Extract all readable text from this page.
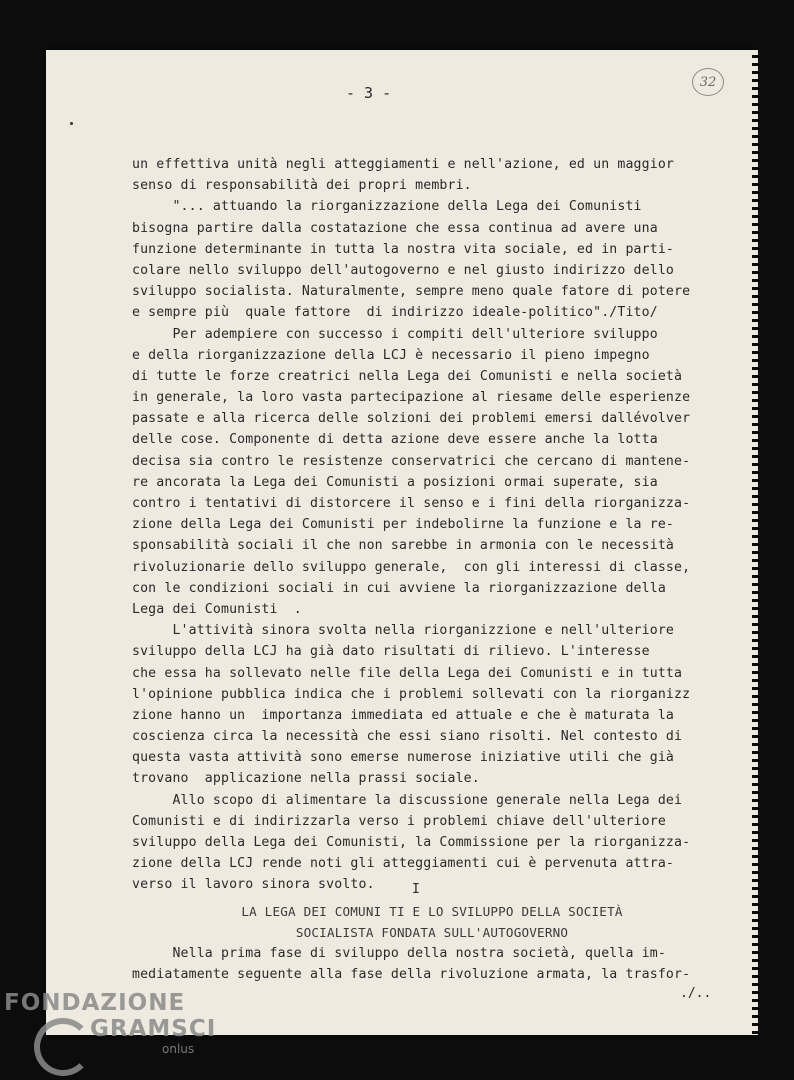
- 3 -
32
un effettiva unità negli atteggiamenti e nell'azione, ed un maggior
senso di responsabilità dei propri membri.
"... attuando la riorganizzazione della Lega dei Comunisti
bisogna partire dalla costatazione che essa continua ad avere una
funzione determinante in tutta la nostra vita sociale, ed in parti-
colare nello sviluppo dell'autogoverno e nel giusto indirizzo dello
sviluppo socialista. Naturalmente, sempre meno quale fatore di potere
e sempre più  quale fattore  di indirizzo ideale-politico"./Tito/
Per adempiere con successo i compiti dell'ulteriore sviluppo
e della riorganizzazione della LCJ è necessario il pieno impegno
di tutte le forze creatrici nella Lega dei Comunisti e nella società
in generale, la loro vasta partecipazione al riesame delle esperienze
passate e alla ricerca delle solzioni dei problemi emersi dallévolver
delle cose. Componente di detta azione deve essere anche la lotta
decisa sia contro le resistenze conservatrici che cercano di mantene-
re ancorata la Lega dei Comunisti a posizioni ormai superate, sia
contro i tentativi di distorcere il senso e i fini della riorganizza-
zione della Lega dei Comunisti per indebolirne la funzione e la re-
sponsabilità sociali il che non sarebbe in armonia con le necessità
rivoluzionarie dello sviluppo generale,  con gli interessi di classe,
con le condizioni sociali in cui avviene la riorganizzazione della
Lega dei Comunisti  .
L'attività sinora svolta nella riorganizzione e nell'ulteriore
sviluppo della LCJ ha già dato risultati di rilievo. L'interesse
che essa ha sollevato nelle file della Lega dei Comunisti e in tutta
l'opinione pubblica indica che i problemi sollevati con la riorganizz
zione hanno un  importanza immediata ed attuale e che è maturata la
coscienza circa la necessità che essi siano risolti. Nel contesto di
questa vasta attività sono emerse numerose iniziative utili che già
trovano  applicazione nella prassi sociale.
Allo scopo di alimentare la discussione generale nella Lega dei
Comunisti e di indirizzarla verso i problemi chiave dell'ulteriore
sviluppo della Lega dei Comunisti, la Commissione per la riorganizza-
zione della LCJ rende noti gli atteggiamenti cui è pervenuta attra-
verso il lavoro sinora svolto.	I
LA LEGA DEI COMUNI TI E LO SVILUPPO DELLA SOCIETÀ
SOCIALISTA FONDATA SULL'AUTOGOVERNO
Nella prima fase di sviluppo della nostra società, quella im-
mediatamente seguente alla fase della rivoluzione armata, la trasfor-
./..
FONDAZIONE
GRAMSCI
onlus
